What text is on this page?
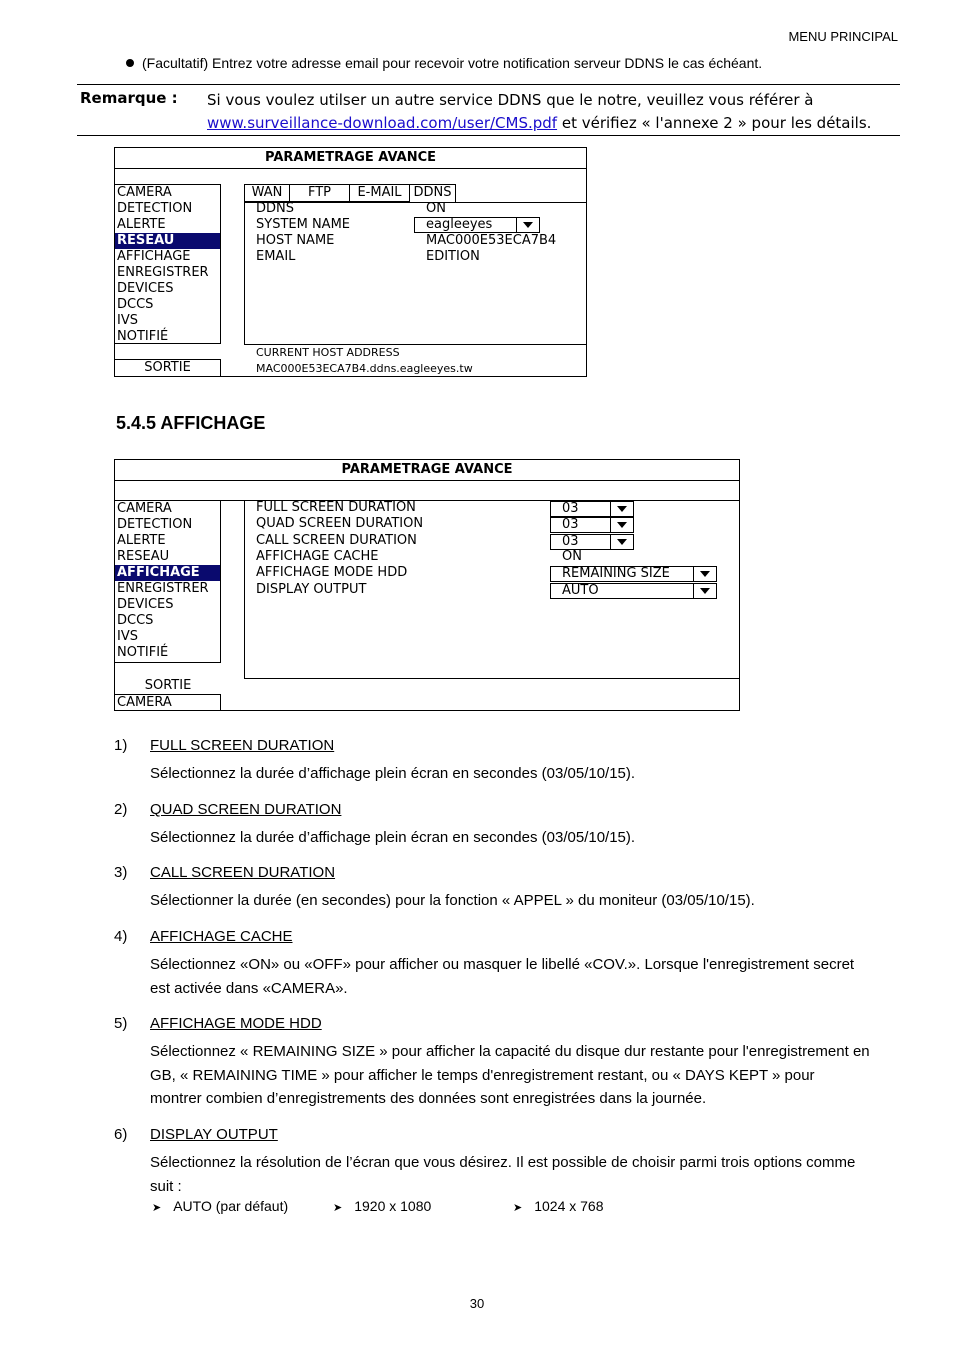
MENU PRINCIPAL
(Facultatif) Entrez votre adresse email pour recevoir votre notification serveur DDNS le cas échéant.
Remarque : Si vous voulez utilser un autre service DDNS que le notre, veuillez vous référer à
www.surveillance-download.com/user/CMS.pdf et vérifiez « l'annexe 2 » pour les détails.
PARAMETRAGE AVANCE
CAMERA
DETECTION
ALERTE
RESEAU
AFFICHAGE
ENREGISTRER
DEVICES
DCCS
IVS
NOTIFIÉ
SORTIE
WAN	FTP	E-MAIL DDNS
DDNS	ON
SYSTEM NAME	eagleeyes
HOST NAME	MAC000E53ECA7B4
EMAIL	EDITION
CURRENT HOST ADDRESS
MAC000E53ECA7B4.ddns.eagleeyes.tw
5.4.5 AFFICHAGE
PARAMETRAGE AVANCE
CAMERA
DETECTION
ALERTE
RESEAU
AFFICHAGE
ENREGISTRER
DEVICES
DCCS
IVS
NOTIFIÉ
SORTIE
CAMERA
FULL SCREEN DURATION	03
QUAD SCREEN DURATION	03
CALL SCREEN DURATION	03
AFFICHAGE CACHE	ON
AFFICHAGE MODE HDD	REMAINING SIZE
DISPLAY OUTPUT	AUTO
1) FULL SCREEN DURATION
Sélectionnez la durée d’affichage plein écran en secondes (03/05/10/15).
2) QUAD SCREEN DURATION
Sélectionnez la durée d’affichage plein écran en secondes (03/05/10/15).
3) CALL SCREEN DURATION
Sélectionner la durée (en secondes) pour la fonction « APPEL » du moniteur (03/05/10/15).
4) AFFICHAGE CACHE
Sélectionnez «ON» ou «OFF» pour afficher ou masquer le libellé «COV.». Lorsque l'enregistrement secret
est activée dans «CAMERA».
5) AFFICHAGE MODE HDD
Sélectionnez « REMAINING SIZE » pour afficher la capacité du disque dur restante pour l'enregistrement en
GB, « REMAINING TIME » pour afficher le temps d'enregistrement restant, ou « DAYS KEPT » pour
montrer combien d’enregistrements des données sont enregistrées dans la journée.
6) DISPLAY OUTPUT
Sélectionnez la résolution de l’écran que vous désirez. Il est possible de choisir parmi trois options comme
suit :
➤ AUTO (par défaut)	➤ 1920 x 1080	➤ 1024 x 768
30
